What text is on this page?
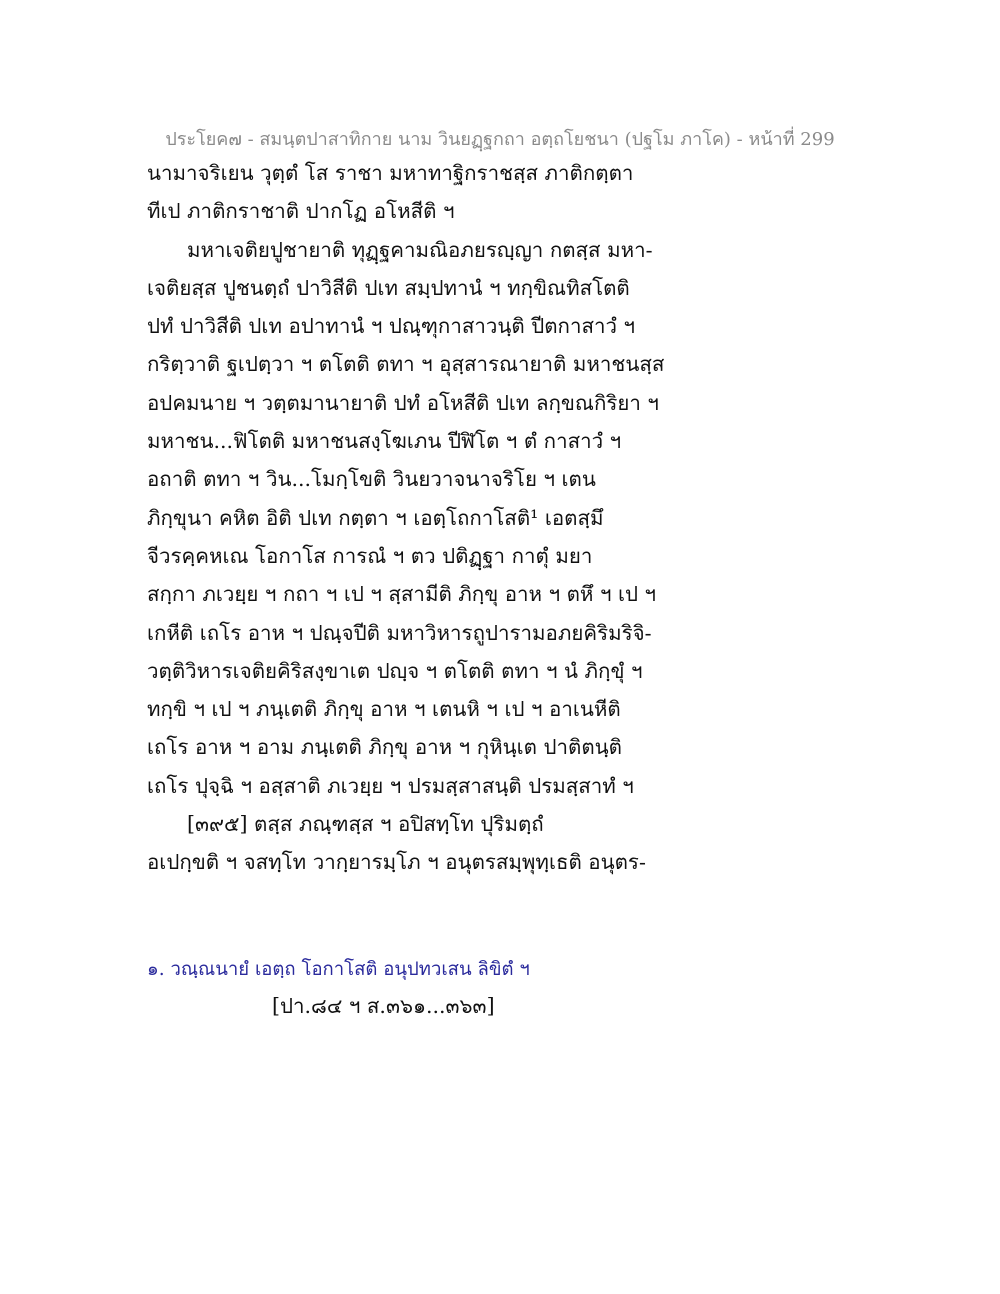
ประโยค๗ - สมนฺตปาสาทิกาย นาม วินยฏฺฐกถา อตฺถโยชนา (ปฐโม ภาโค) - หน้าที่ 299
นามาจริเยน วุตฺตํ โส ราชา มหาทาฐิกราชสฺส ภาติกตฺตา
ทีเป ภาติกราชาติ ปากโฏ อโหสีติ ฯ
มหาเจติยปูชายาติ ทุฏฺฐคามณิอภยรญฺญา กตสฺส มหา-
เจติยสฺส ปูชนตฺถํ ปาวิสีติ ปเท สมฺปทานํ ฯ ทกฺขิณทิสโตติ
ปทํ ปาวิสีติ ปเท อปาทานํ ฯ ปณฺฑุกาสาวนฺติ ปีตกาสาวํ ฯ
กริตฺวาติ ฐเปตฺวา ฯ ตโตติ ตทา ฯ อุสฺสารณายาติ มหาชนสฺส
อปคมนาย ฯ วตฺตมานายาติ ปทํ อโหสีติ ปเท ลกฺขณกิริยา ฯ
มหาชน...ฟิโตติ มหาชนสงฺโฆเภน ปีฬิโต ฯ ตํ กาสาวํ ฯ
อถาติ ตทา ฯ วิน...โมกฺโขติ วินยวาจนาจริโย ฯ เตน
ภิกฺขุนา คหิต อิติ ปเท กตฺตา ฯ เอตฺโถกาโสติ¹ เอตสฺมึ
จีวรคฺคหเณ โอกาโส การณํ ฯ ตว ปติฏฺฐา กาตุํ มยา
สกฺกา ภเวยฺย ฯ กถา ฯ เป ฯ สฺสามีติ ภิกฺขุ อาห ฯ ตหึ ฯ เป ฯ
เกหีติ เถโร อาห ฯ ปณฺจปีติ มหาวิหารถูปารามอภยคิริมริจิ-
วตฺติวิหารเจติยคิริสงฺขาเต ปญฺจ ฯ ตโตติ ตทา ฯ นํ ภิกฺขุํ ฯ
ทกฺขิ ฯ เป ฯ ภนฺเตติ ภิกฺขุ อาห ฯ เตนหิ ฯ เป ฯ อาเนหีติ
เถโร อาห ฯ อาม ภนฺเตติ ภิกฺขุ อาห ฯ กุหินฺเต ปาติตนฺติ
เถโร ปุจฺฉิ ฯ อสฺสาติ ภเวยฺย ฯ ปรมสฺสาสนฺติ ปรมสฺสาทํ ฯ
[๓๙๕] ตสฺส ภณฺฑสฺส ฯ อปิสทฺโท ปุริมตฺถํ
อเปกฺขติ ฯ จสทฺโท วากฺยารมฺโภ ฯ อนุตรสมฺพุทฺเธติ อนุตร-
๑. วณฺณนายํ เอตฺถ โอกาโสติ อนุปทวเสน ลิขิตํ ฯ
[ปา.๘๔ ฯ ส.๓๖๑...๓๖๓]
